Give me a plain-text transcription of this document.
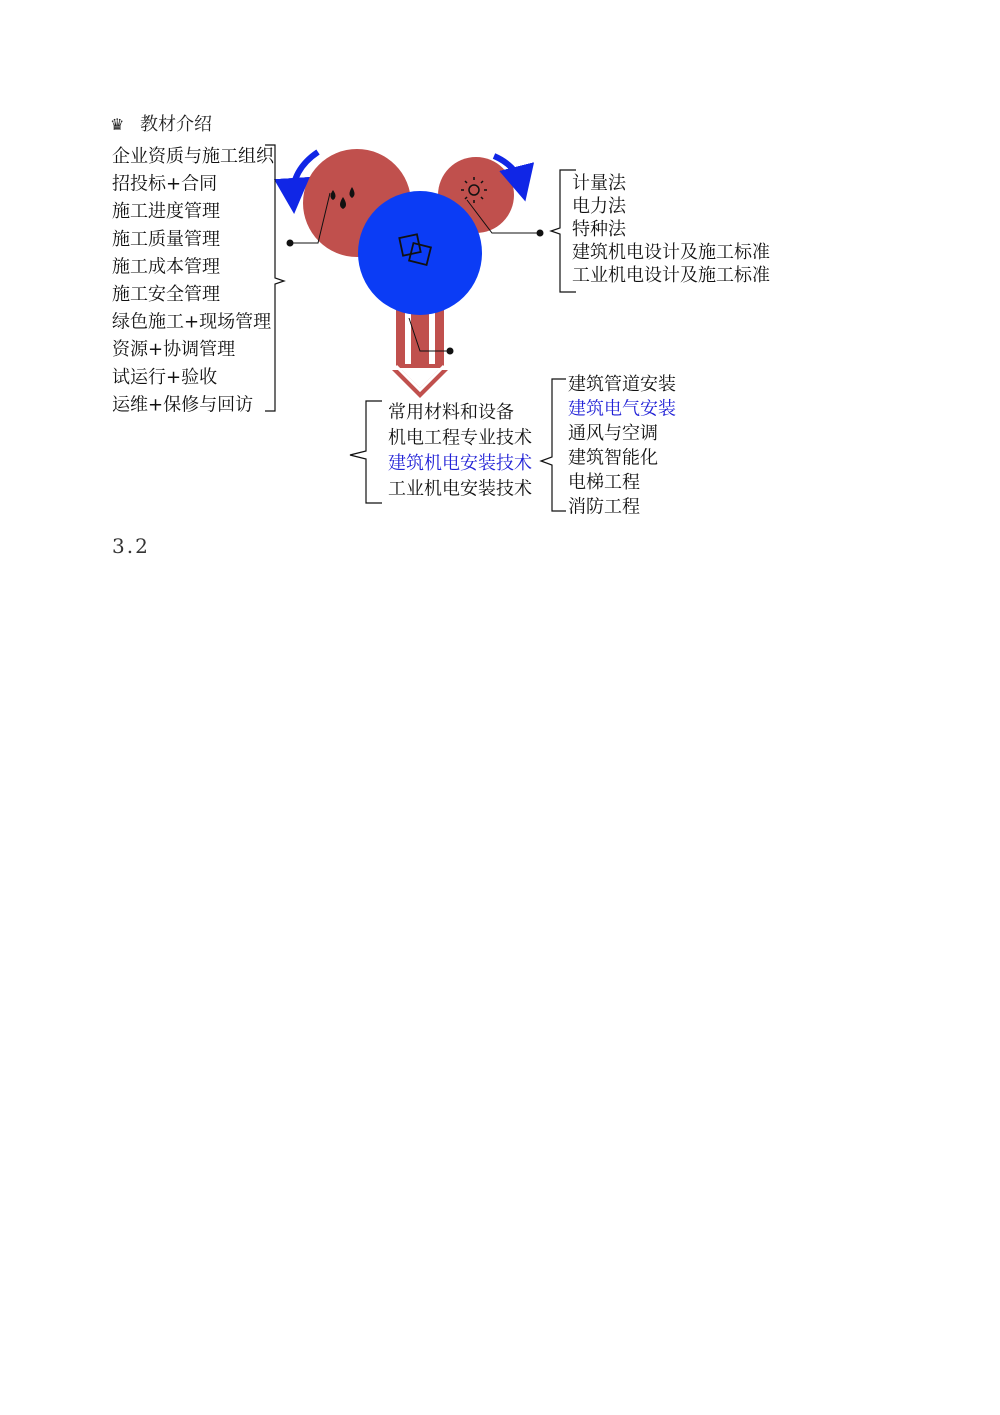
♛ 教材介绍
企业资质与施工组织
招投标+合同
施工进度管理
施工质量管理
施工成本管理
施工安全管理
绿色施工+现场管理
资源+协调管理
试运行+验收
运维+保修与回访
计量法
电力法
特种法
建筑机电设计及施工标准
工业机电设计及施工标准
常用材料和设备
机电工程专业技术
建筑机电安装技术
工业机电安装技术
建筑管道安装
建筑电气安装
通风与空调
建筑智能化
电梯工程
消防工程
3.2
